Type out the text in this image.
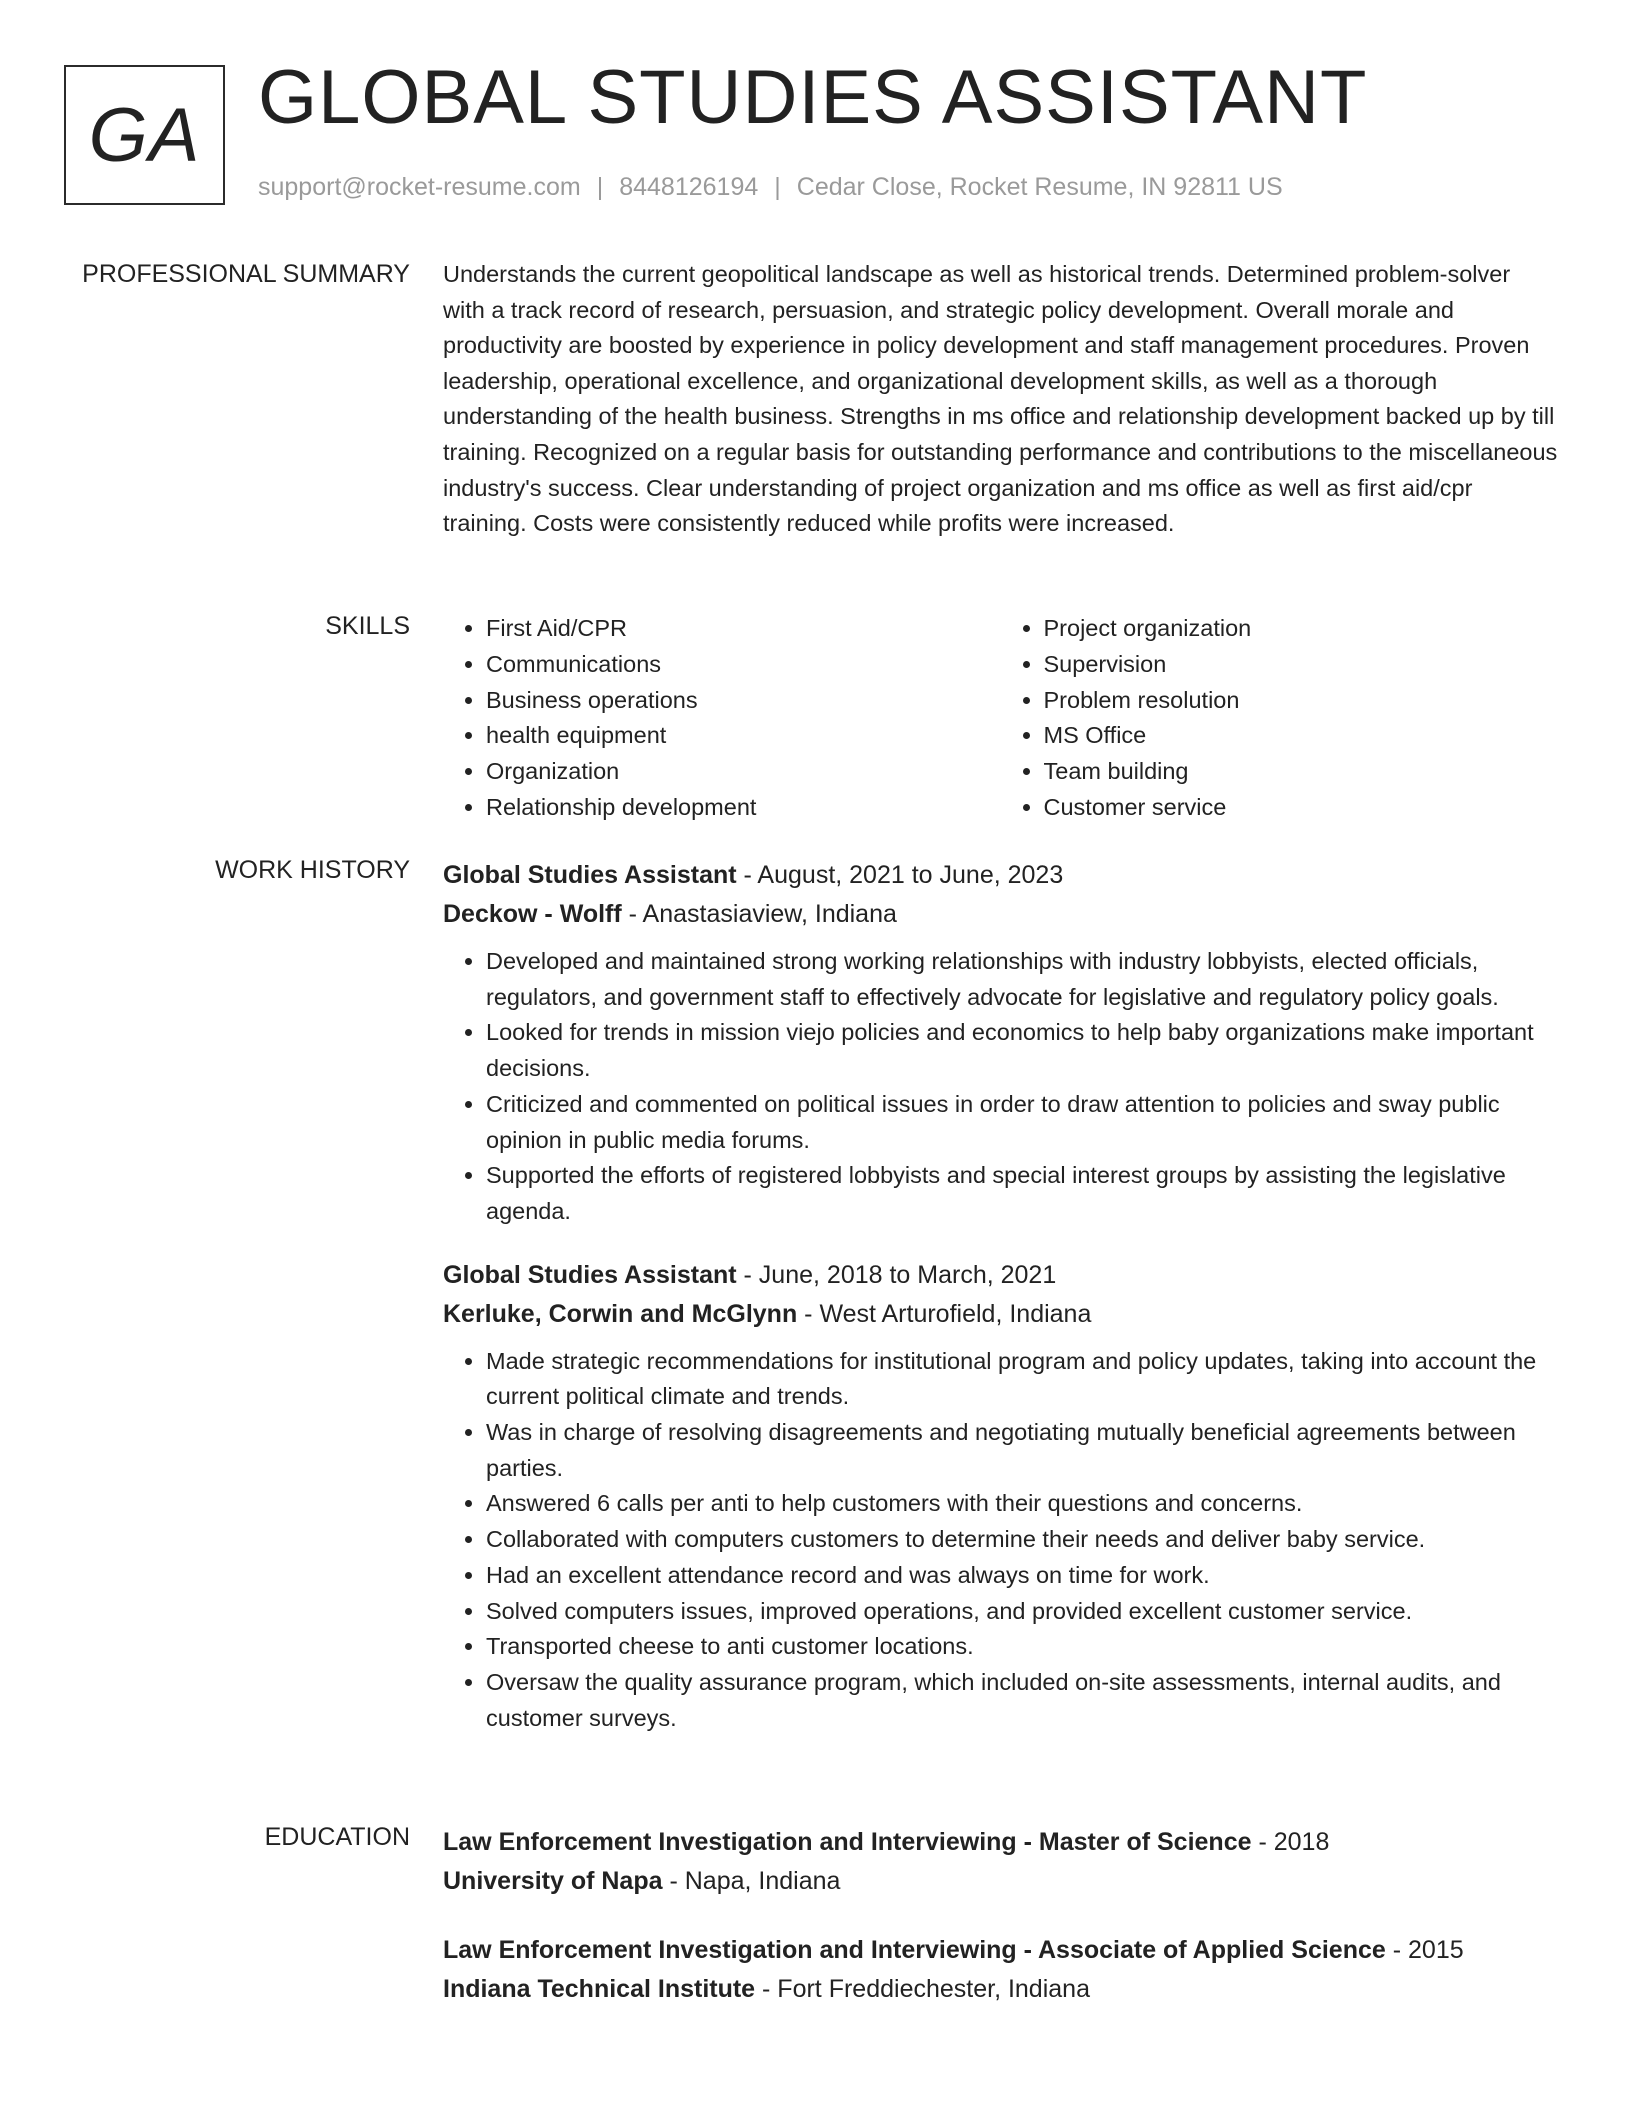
GA GLOBAL STUDIES ASSISTANT
support@rocket-resume.com | 8448126194 | Cedar Close, Rocket Resume, IN 92811 US
PROFESSIONAL SUMMARY Understands the current geopolitical landscape as well as historical trends. Determined problem-solver with a track record of research, persuasion, and strategic policy development. Overall morale and productivity are boosted by experience in policy development and staff management procedures. Proven leadership, operational excellence, and organizational development skills, as well as a thorough understanding of the health business. Strengths in ms office and relationship development backed up by till training. Recognized on a regular basis for outstanding performance and contributions to the miscellaneous industry's success. Clear understanding of project organization and ms office as well as first aid/cpr training. Costs were consistently reduced while profits were increased.

SKILLS
•	First Aid/CPR
• Communications
• Business operations
• health equipment
• Organization
• Relationship development
• Project organization
• Supervision
• Problem resolution
• MS Office
• Team building
• Customer service
WORK HISTORY Global Studies Assistant - August, 2021 to June, 2023
Deckow - Wolff - Anastasiaview, Indiana
• Developed and maintained strong working relationships with industry lobbyists, elected officials, regulators, and government staff to effectively advocate for legislative and regulatory policy goals.
• Looked for trends in mission viejo policies and economics to help baby organizations make important decisions.
• Criticized and commented on political issues in order to draw attention to policies and sway public opinion in public media forums.
• Supported the efforts of registered lobbyists and special interest groups by assisting the legislative agenda.
Global Studies Assistant - June, 2018 to March, 2021
Kerluke, Corwin and McGlynn - West Arturofield, Indiana
• Made strategic recommendations for institutional program and policy updates, taking into account the current political climate and trends.
• Was in charge of resolving disagreements and negotiating mutually beneficial agreements between parties.
• Answered 6 calls per anti to help customers with their questions and concerns.
• Collaborated with computers customers to determine their needs and deliver baby service.
• Had an excellent attendance record and was always on time for work.
• Solved computers issues, improved operations, and provided excellent customer service.
• Transported cheese to anti customer locations.
• Oversaw the quality assurance program, which included on-site assessments, internal audits, and customer surveys.
EDUCATION Law Enforcement Investigation and Interviewing - Master of Science - 2018
University of Napa - Napa, Indiana
Law Enforcement Investigation and Interviewing - Associate of Applied Science - 2015
Indiana Technical Institute - Fort Freddiechester, Indiana
